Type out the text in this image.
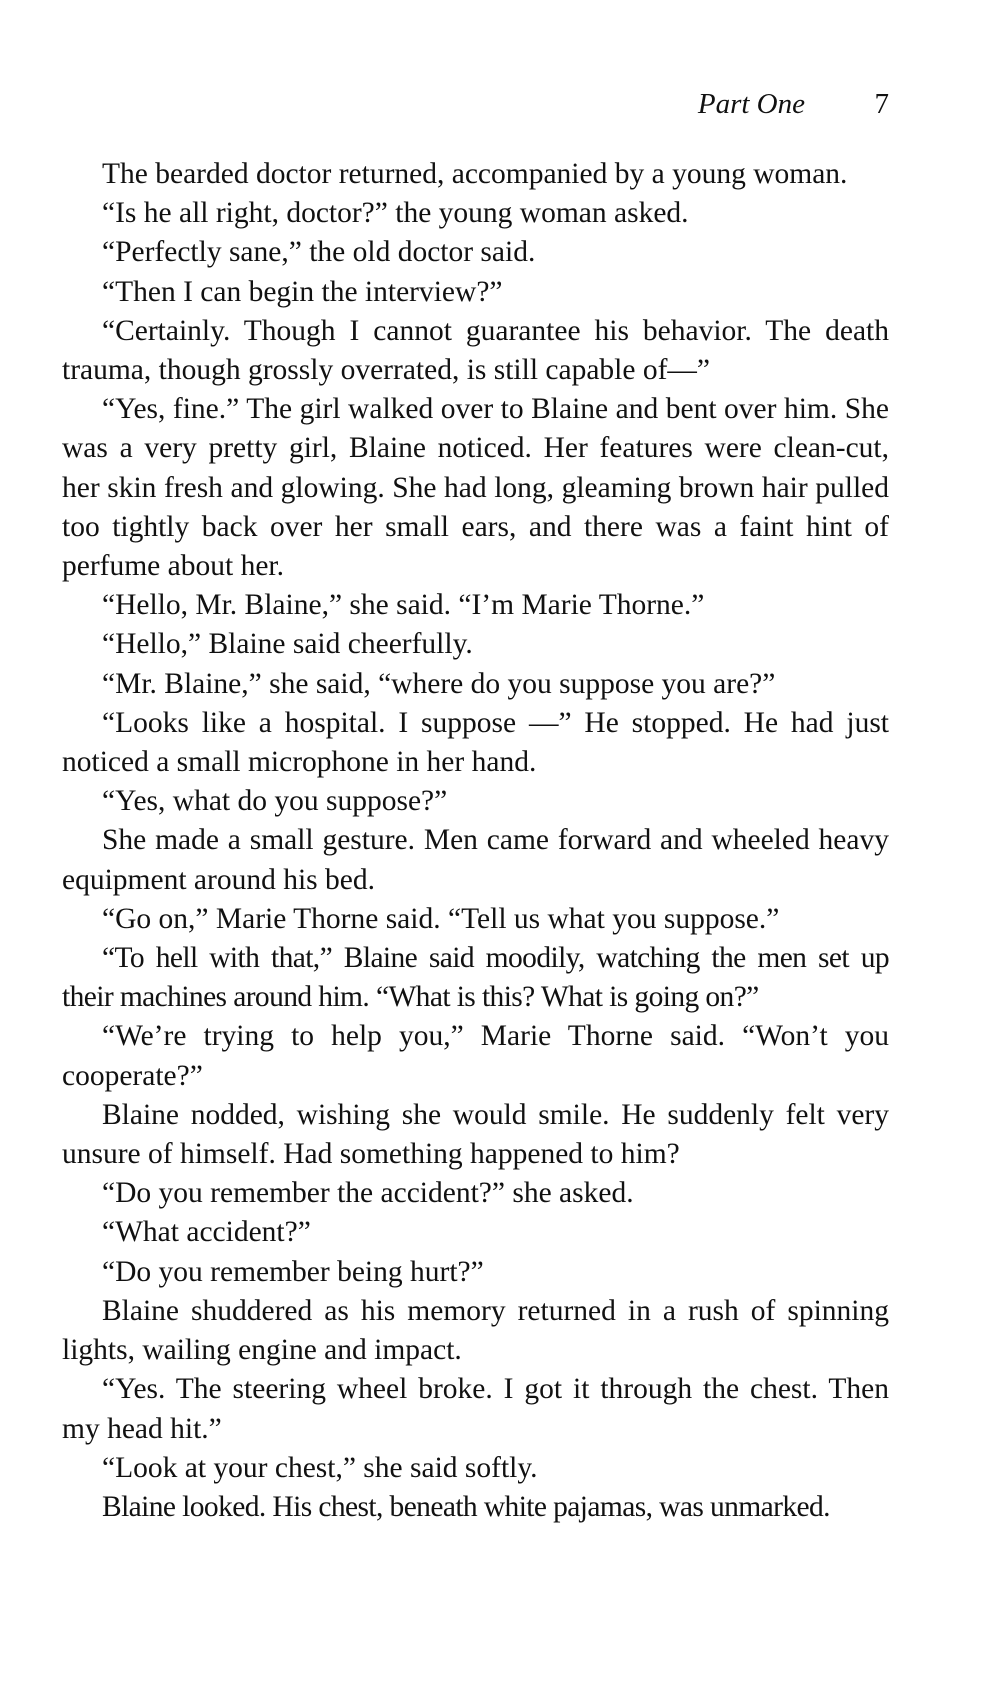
Part One 7

The bearded doctor returned, accompanied by a young woman.

“Is he all right, doctor?” the young woman asked.

“Perfectly sane,” the old doctor said.

“Then I can begin the interview?”

“Certainly. Though I cannot guarantee his behavior. The death trauma, though grossly overrated, is still capable of—”

“Yes, fine.” The girl walked over to Blaine and bent over him. She was a very pretty girl, Blaine noticed. Her features were clean-cut, her skin fresh and glowing. She had long, gleaming brown hair pulled too tightly back over her small ears, and there was a faint hint of perfume about her.

“Hello, Mr. Blaine,” she said. “I’m Marie Thorne.”

“Hello,” Blaine said cheerfully.

“Mr. Blaine,” she said, “where do you suppose you are?”

“Looks like a hospital. I suppose —” He stopped. He had just noticed a small microphone in her hand.

“Yes, what do you suppose?”

She made a small gesture. Men came forward and wheeled heavy equipment around his bed.

“Go on,” Marie Thorne said. “Tell us what you suppose.”

“To hell with that,” Blaine said moodily, watching the men set up their machines around him. “What is this? What is going on?”

“We’re trying to help you,” Marie Thorne said. “Won’t you cooperate?”

Blaine nodded, wishing she would smile. He suddenly felt very unsure of himself. Had something happened to him?

“Do you remember the accident?” she asked.

“What accident?”

“Do you remember being hurt?”

Blaine shuddered as his memory returned in a rush of spinning lights, wailing engine and impact.

“Yes. The steering wheel broke. I got it through the chest. Then my head hit.”

“Look at your chest,” she said softly.

Blaine looked. His chest, beneath white pajamas, was unmarked.
